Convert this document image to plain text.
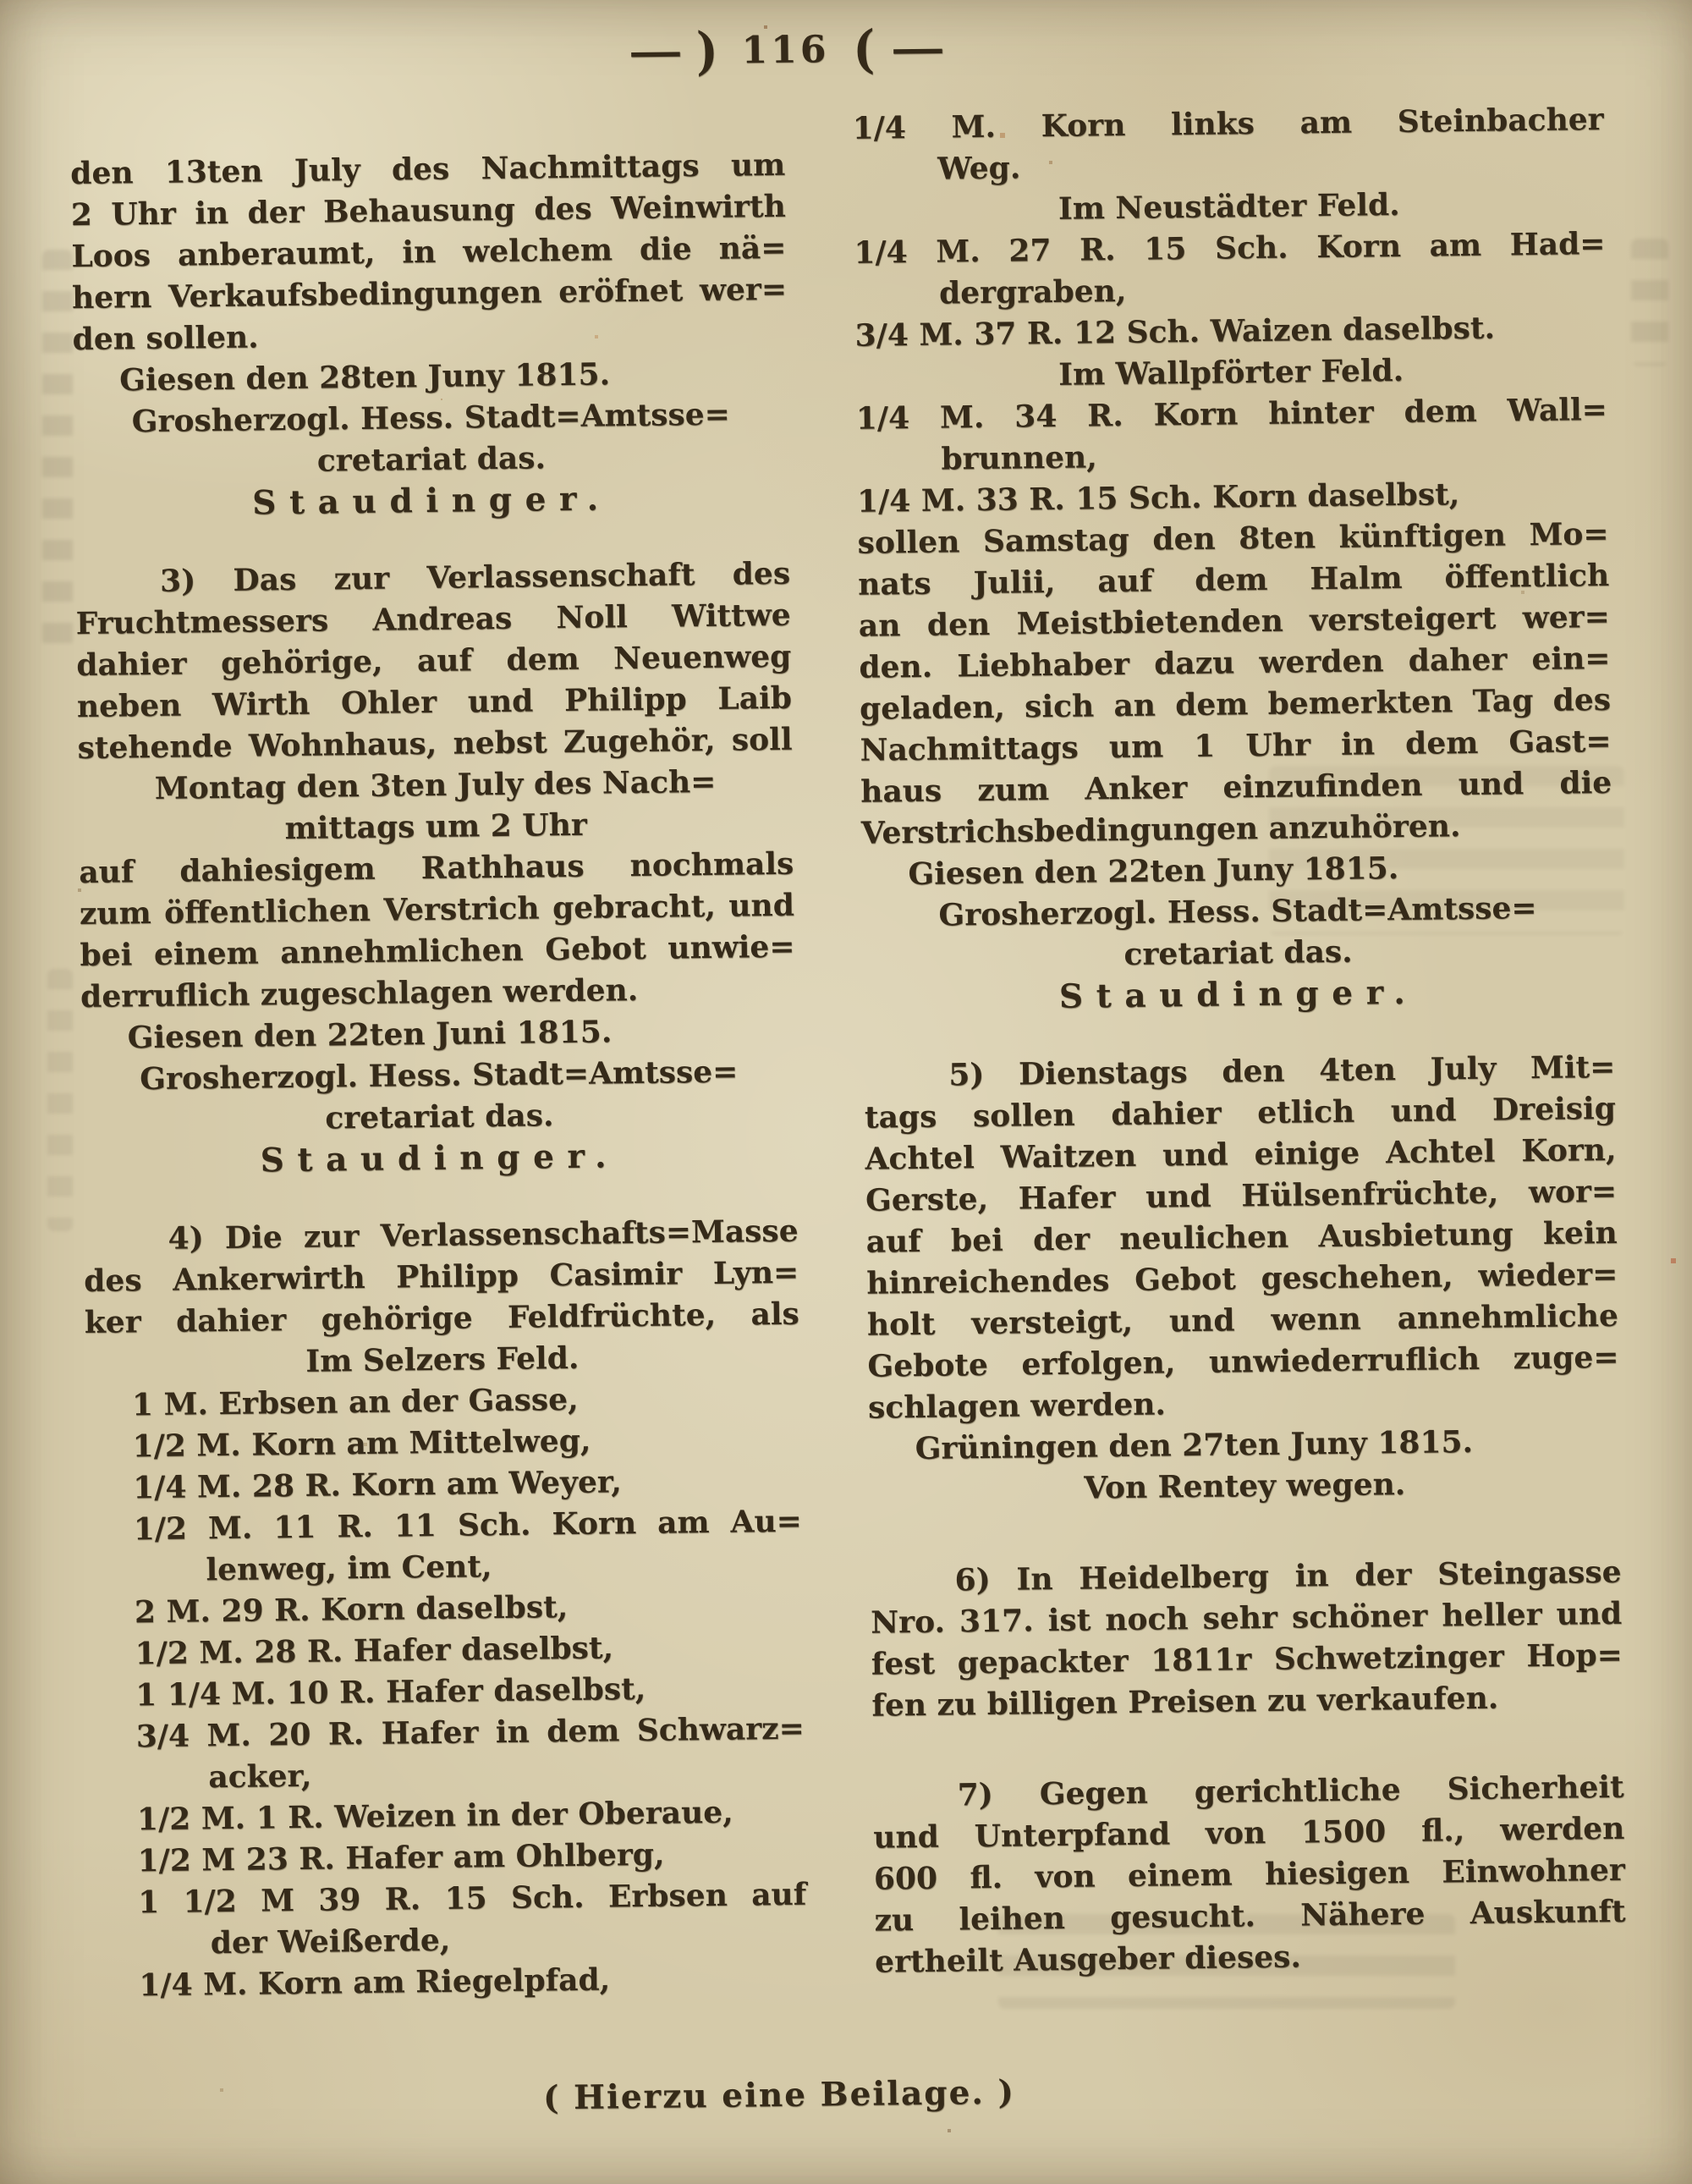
— ) 116 ( —
den 13ten July des Nachmittags um
2 Uhr in der Behausung des Weinwirth
Loos anberaumt, in welchem die nä=
hern Verkaufsbedingungen eröfnet wer=
den sollen.
Giesen den 28ten Juny 1815.
Grosherzogl. Hess. Stadt=Amtsse=
cretariat das.
Staudinger.
3) Das zur Verlassenschaft des
Fruchtmessers Andreas Noll Wittwe
dahier gehörige, auf dem Neuenweg
neben Wirth Ohler und Philipp Laib
stehende Wohnhaus, nebst Zugehör, soll
Montag den 3ten July des Nach=
mittags um 2 Uhr
auf dahiesigem Rathhaus nochmals
zum öffentlichen Verstrich gebracht, und
bei einem annehmlichen Gebot unwie=
derruflich zugeschlagen werden.
Giesen den 22ten Juni 1815.
Grosherzogl. Hess. Stadt=Amtsse=
cretariat das.
Staudinger.
4) Die zur Verlassenschafts=Masse
des Ankerwirth Philipp Casimir Lyn=
ker dahier gehörige Feldfrüchte, als
Im Selzers Feld.
1 M. Erbsen an der Gasse,
1/2 M. Korn am Mittelweg,
1/4 M. 28 R. Korn am Weyer,
1/2 M. 11 R. 11 Sch. Korn am Au=
lenweg, im Cent,
2 M. 29 R. Korn daselbst,
1/2 M. 28 R. Hafer daselbst,
1 1/4 M. 10 R. Hafer daselbst,
3/4 M. 20 R. Hafer in dem Schwarz=
acker,
1/2 M. 1 R. Weizen in der Oberaue,
1/2 M 23 R. Hafer am Ohlberg,
1 1/2 M 39 R. 15 Sch. Erbsen auf
der Weißerde,
1/4 M. Korn am Riegelpfad,
1/4 M. Korn links am Steinbacher
Weg.
Im Neustädter Feld.
1/4 M. 27 R. 15 Sch. Korn am Had=
dergraben,
3/4 M. 37 R. 12 Sch. Waizen daselbst.
Im Wallpförter Feld.
1/4 M. 34 R. Korn hinter dem Wall=
brunnen,
1/4 M. 33 R. 15 Sch. Korn daselbst,
sollen Samstag den 8ten künftigen Mo=
nats Julii, auf dem Halm öffentlich
an den Meistbietenden versteigert wer=
den. Liebhaber dazu werden daher ein=
geladen, sich an dem bemerkten Tag des
Nachmittags um 1 Uhr in dem Gast=
haus zum Anker einzufinden und die
Verstrichsbedingungen anzuhören.
Giesen den 22ten Juny 1815.
Grosherzogl. Hess. Stadt=Amtsse=
cretariat das.
Staudinger.
5) Dienstags den 4ten July Mit=
tags sollen dahier etlich und Dreisig
Achtel Waitzen und einige Achtel Korn,
Gerste, Hafer und Hülsenfrüchte, wor=
auf bei der neulichen Ausbietung kein
hinreichendes Gebot geschehen, wieder=
holt versteigt, und wenn annehmliche
Gebote erfolgen, unwiederruflich zuge=
schlagen werden.
Grüningen den 27ten Juny 1815.
Von Rentey wegen.
6) In Heidelberg in der Steingasse
Nro. 317. ist noch sehr schöner heller und
fest gepackter 1811r Schwetzinger Hop=
fen zu billigen Preisen zu verkaufen.
7) Gegen gerichtliche Sicherheit
und Unterpfand von 1500 fl., werden
600 fl. von einem hiesigen Einwohner
zu leihen gesucht. Nähere Auskunft
ertheilt Ausgeber dieses.
( Hierzu eine Beilage. )
